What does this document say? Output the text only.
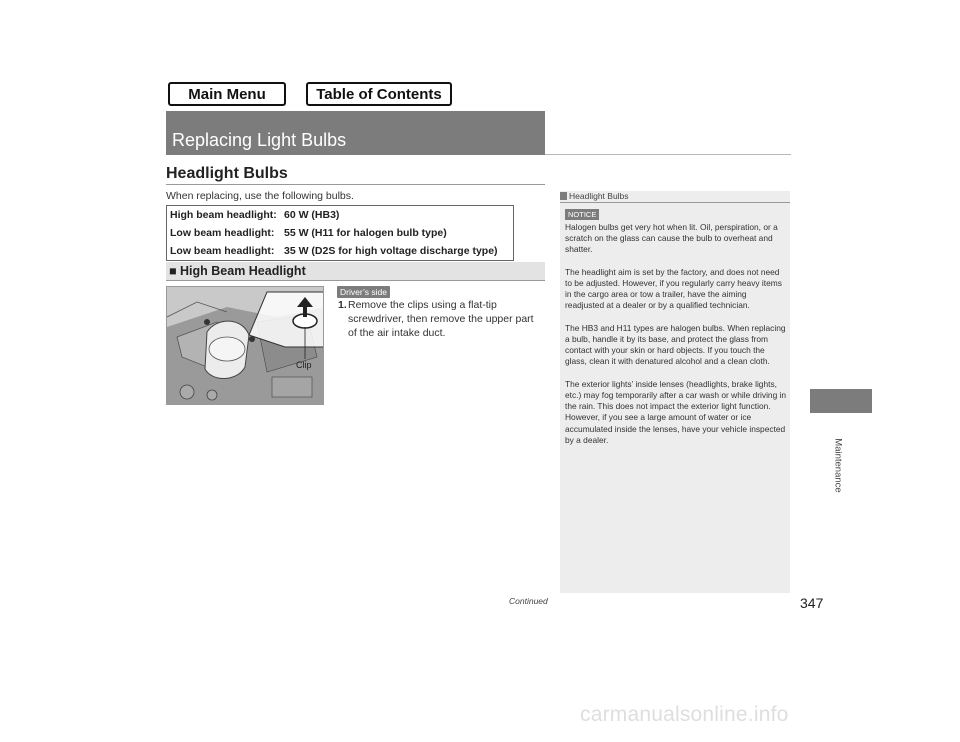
Main Menu	Table of Contents
Replacing Light Bulbs
Headlight Bulbs
When replacing, use the following bulbs.
High beam headlight:	60 W (HB3)
Low beam headlight:	55 W (H11 for halogen bulb type)
Low beam headlight:	35 W (D2S for high voltage discharge type)
■ High Beam Headlight
Clip
Driver’s side
1. Remove the clips using a flat-tip screwdriver, then remove the upper part of the air intake duct.
Headlight Bulbs
NOTICE

Halogen bulbs get very hot when lit. Oil, perspiration, or a scratch on the glass can cause the bulb to overheat and shatter.

The headlight aim is set by the factory, and does not need to be adjusted. However, if you regularly carry heavy items in the cargo area or tow a trailer, have the aiming readjusted at a dealer or by a qualified technician.

The HB3 and H11 types are halogen bulbs. When replacing a bulb, handle it by its base, and protect the glass from contact with your skin or hard objects. If you touch the glass, clean it with denatured alcohol and a clean cloth.

The exterior lights’ inside lenses (headlights, brake lights, etc.) may fog temporarily after a car wash or while driving in the rain. This does not impact the exterior light function. However, if you see a large amount of water or ice accumulated inside the lenses, have your vehicle inspected by a dealer.	Maintenance
Continued	347
carmanualsonline.info
